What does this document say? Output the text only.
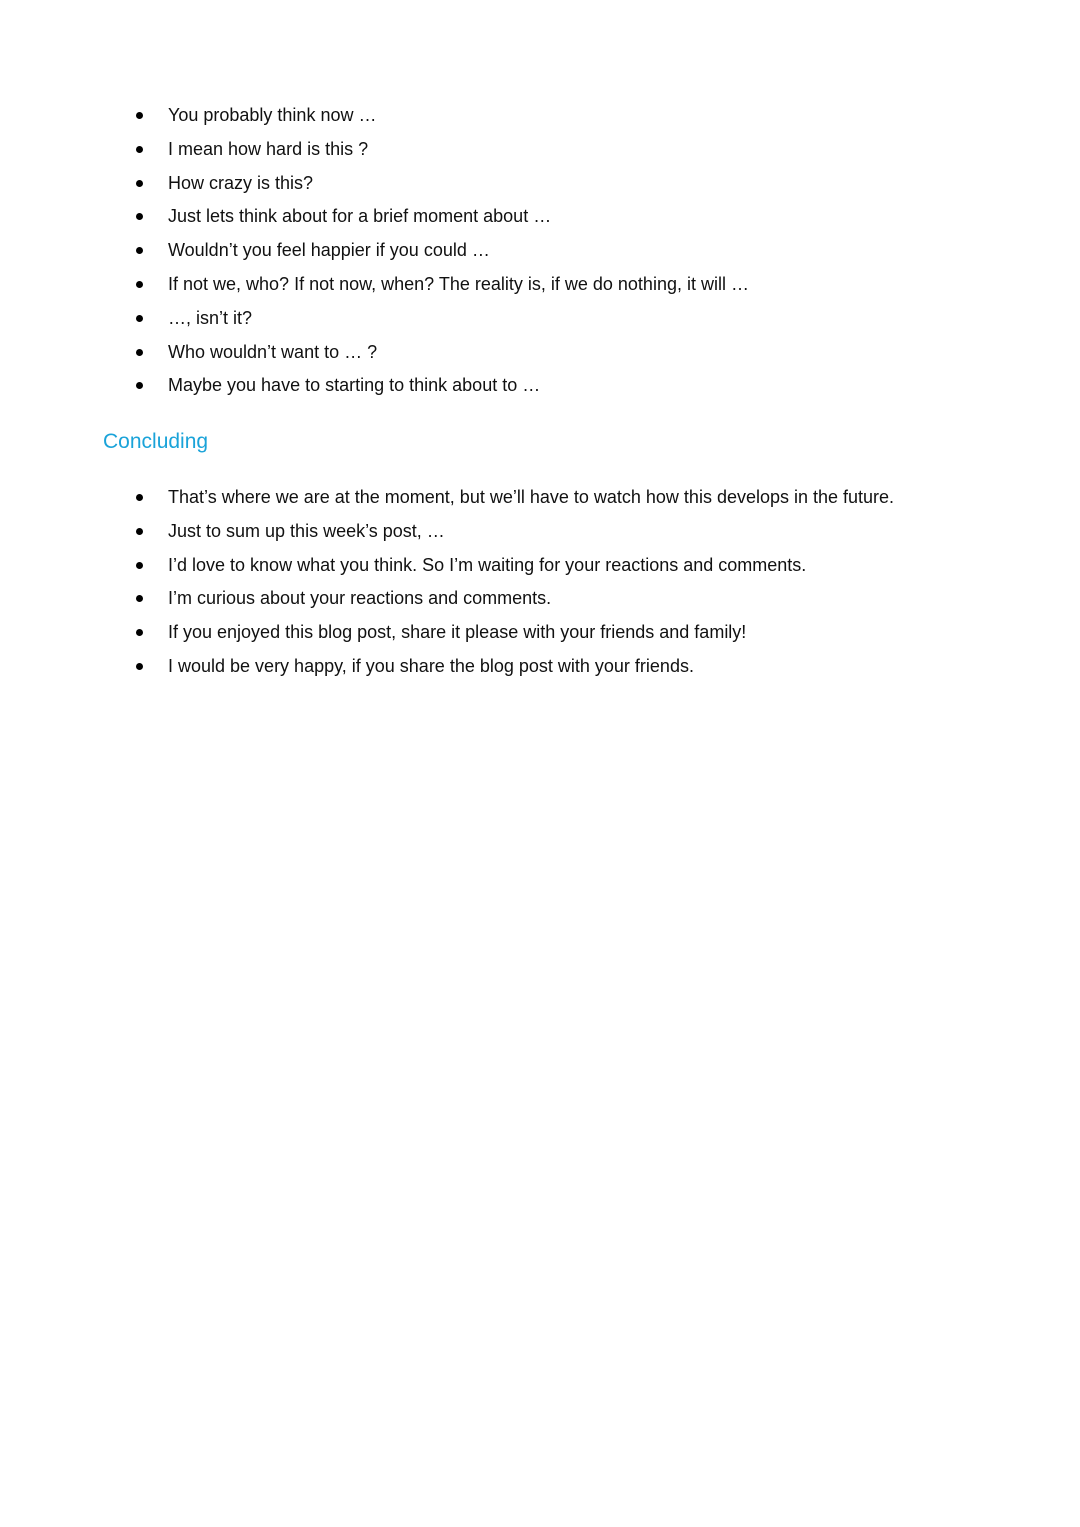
You probably think now …
I mean how hard is this ?
How crazy is this?
Just lets think about for a brief moment about …
Wouldn’t you feel happier if you could …
If not we, who? If not now, when? The reality is, if we do nothing, it will …
…, isn’t it?
Who wouldn’t want to … ?
Maybe you have to starting to think about to …
Concluding
That’s where we are at the moment, but we’ll have to watch how this develops in the future.
Just to sum up this week’s post, …
I’d love to know what you think. So I’m waiting for your reactions and comments.
I’m curious about your reactions and comments.
If you enjoyed this blog post, share it please with your friends and family!
I would be very happy, if you share the blog post with your friends.
